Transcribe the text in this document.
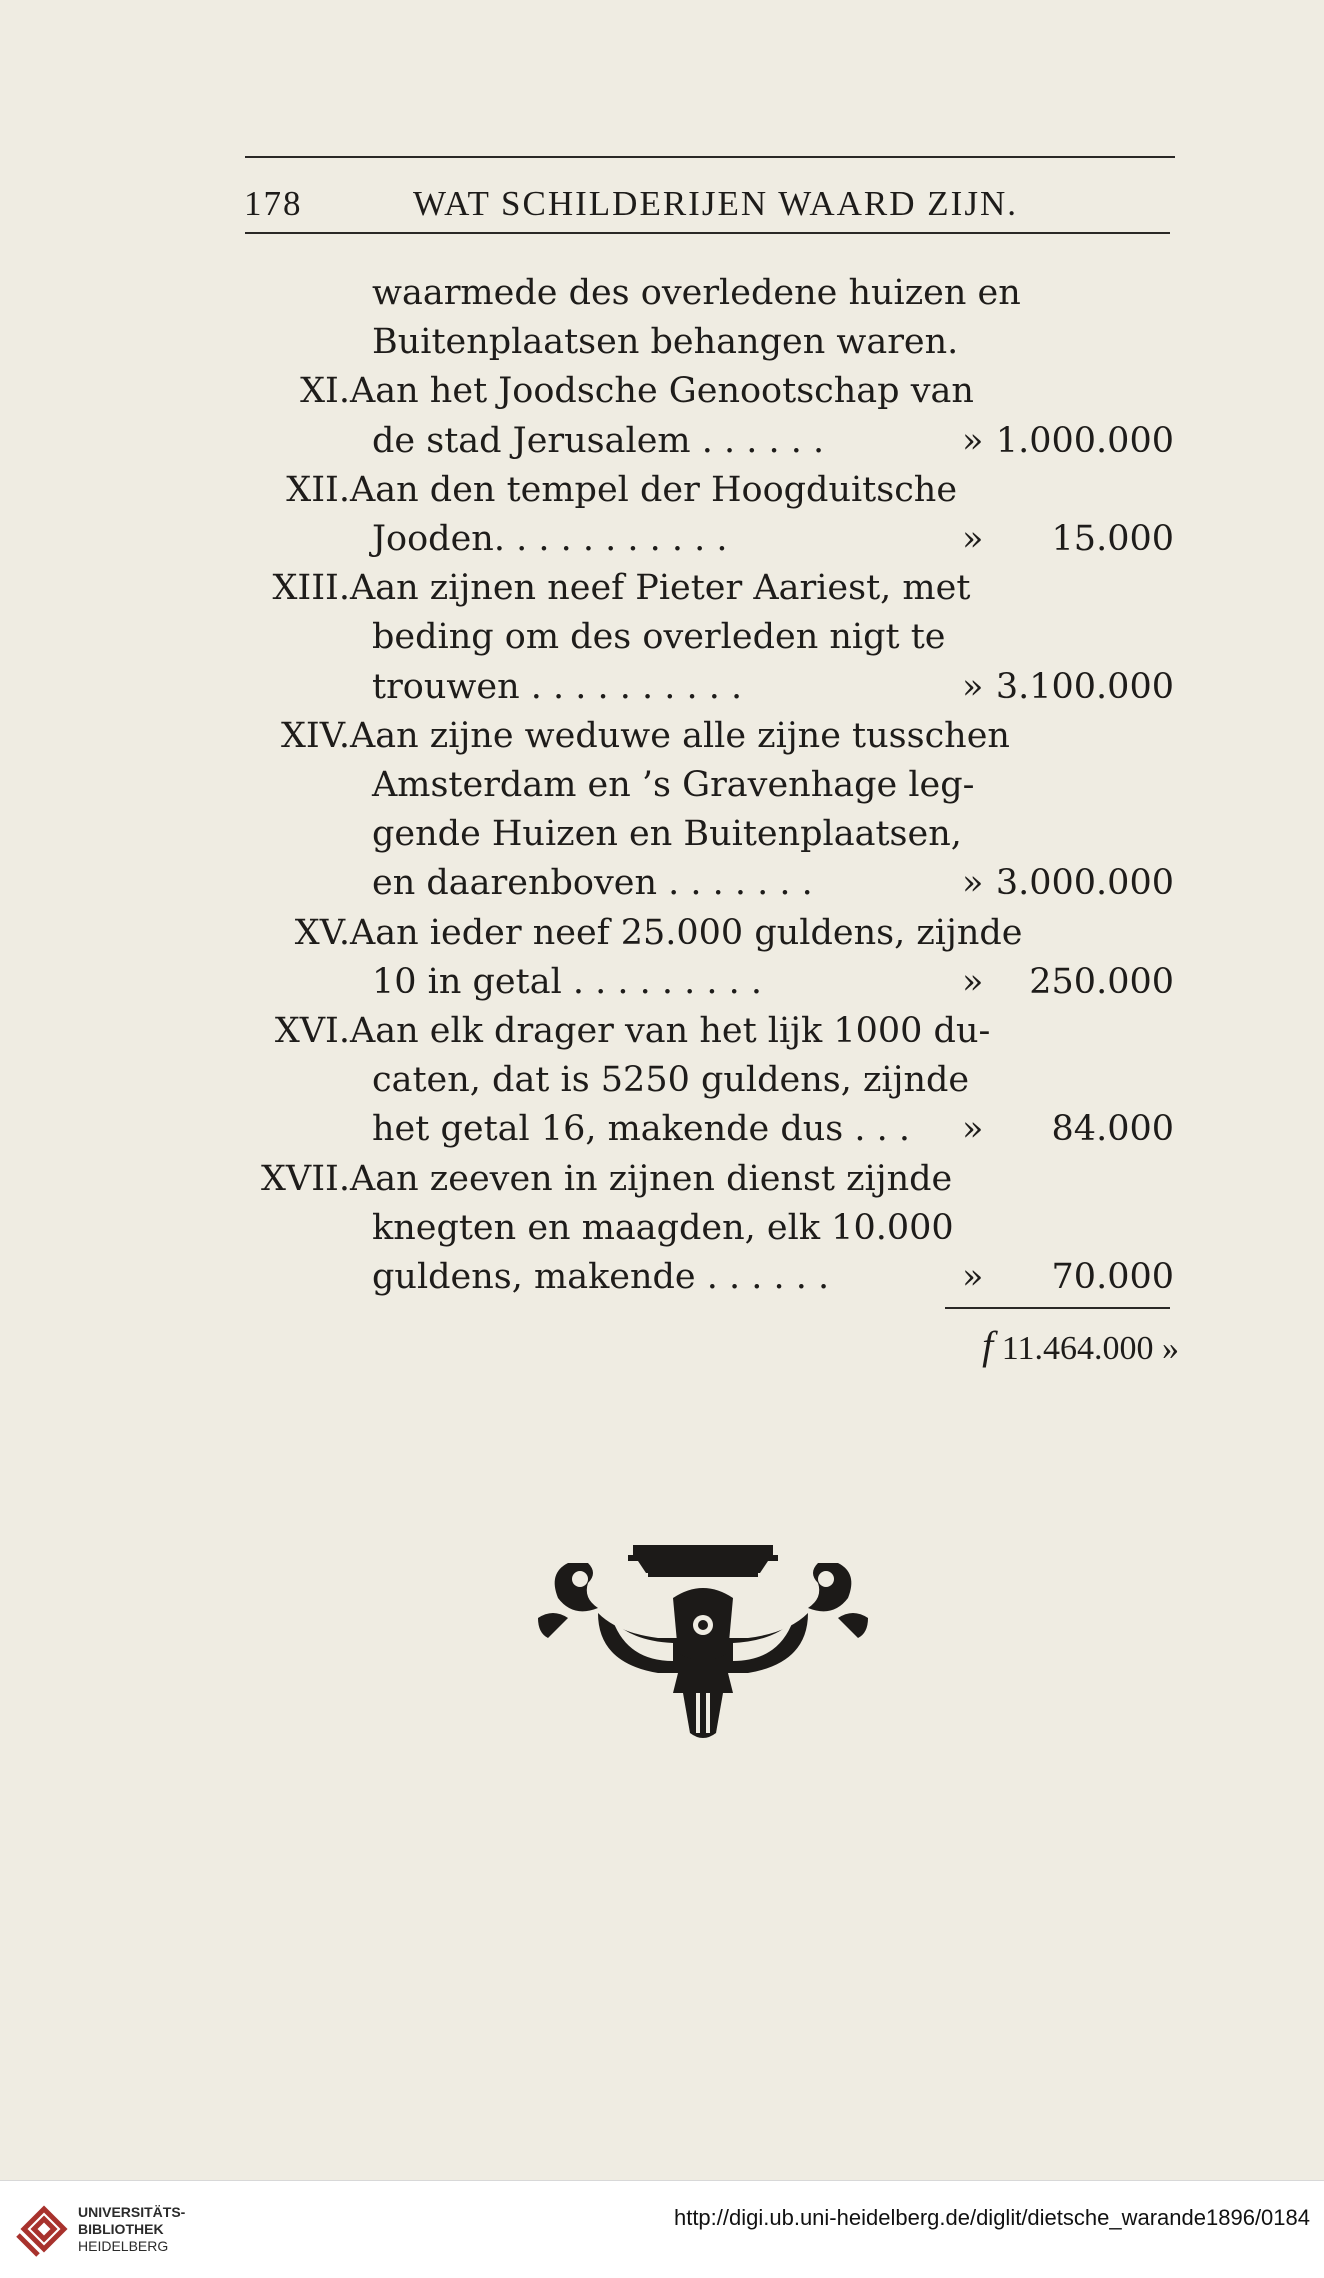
178	WAT SCHILDERIJEN WAARD ZIJN.
waarmede des overledene huizen en
Buitenplaatsen behangen waren.
XI. Aan het Joodsche Genootschap van
de stad Jerusalem . . . . . .	» 1.000.000
XII. Aan den tempel der Hoogduitsche
Jooden. . . . . . . . . . .	» 15.000
XIII. Aan zijnen neef Pieter Aariest, met
beding om des overleden nigt te
trouwen . . . . . . . . . .	» 3.100.000
XIV. Aan zijne weduwe alle zijne tusschen
Amsterdam en ’s Gravenhage leg-
gende Huizen en Buitenplaatsen,
en daarenboven . . . . . . .	» 3.000.000
XV. Aan ieder neef 25.000 guldens, zijnde
10 in getal . . . . . . . . .	» 250.000
XVI. Aan elk drager van het lijk 1000 du-
caten, dat is 5250 guldens, zijnde
het getal 16, makende dus . . . » 84.000
XVII. Aan zeeven in zijnen dienst zijnde
knegten en maagden, elk 10.000
guldens, makende . . . . . .	» 70.000
f 11.464.000 »
UNIVERSITÄTS-
BIBLIOTHEK
HEIDELBERG
http://digi.ub.uni-heidelberg.de/diglit/dietsche_warande1896/0184
